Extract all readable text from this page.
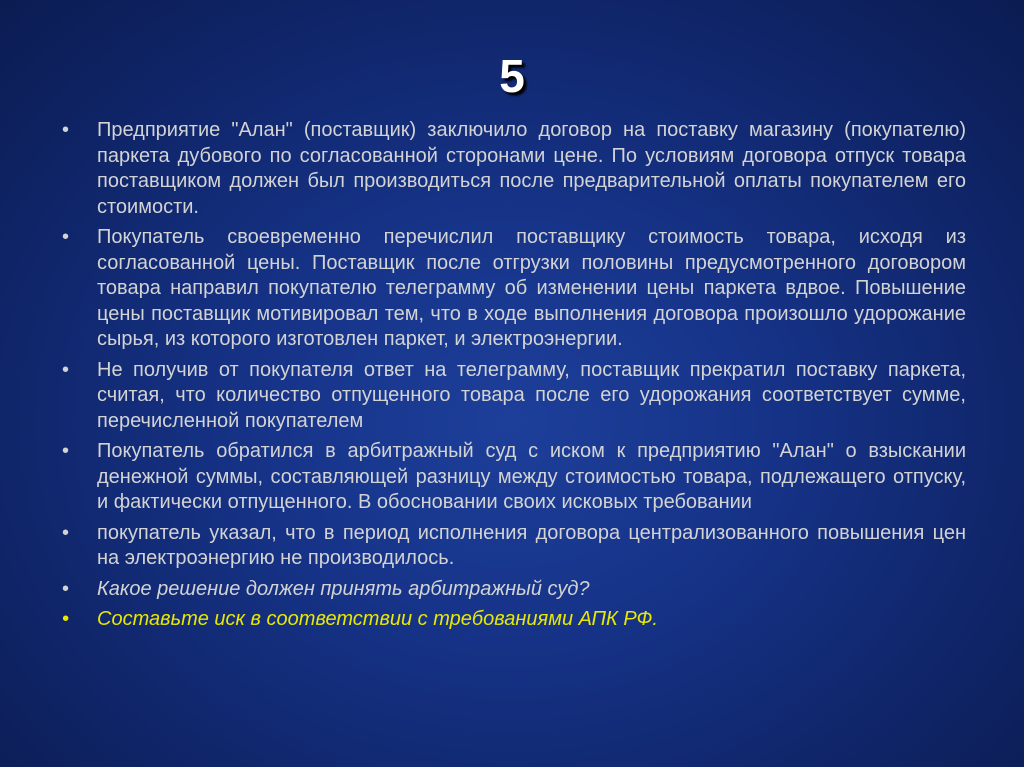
5
• Предприятие "Алан" (поставщик) заключило договор на поставку магазину (покупателю) паркета дубового по согласованной сторонами цене. По условиям договора отпуск товара поставщиком должен был производиться после предварительной оплаты покупателем его стоимости.
• Покупатель своевременно перечислил поставщику стоимость товара, исходя из согласованной цены. Поставщик после отгрузки половины предусмотренного договором товара направил покупателю телеграмму об изменении цены паркета вдвое. Повышение цены поставщик мотивировал тем, что в ходе выполнения договора произошло удорожание сырья, из которого изготовлен паркет, и электроэнергии.
• Не получив от покупателя ответ на телеграмму, поставщик прекратил поставку паркета, считая, что количество отпущенного товара после его удорожания соответствует сумме, перечисленной покупателем
• Покупатель обратился в арбитражный суд с иском к предприятию "Алан" о взыскании денежной суммы, составляющей разницу между стоимостью товара, подлежащего отпуску, и фактически отпущенного. В обосновании своих исковых требовании
• покупатель указал, что в период исполнения договора централизованного повышения цен на электроэнергию не производилось.
• Какое решение должен принять арбитражный суд?
• Составьте иск в соответствии с требованиями АПК РФ.
